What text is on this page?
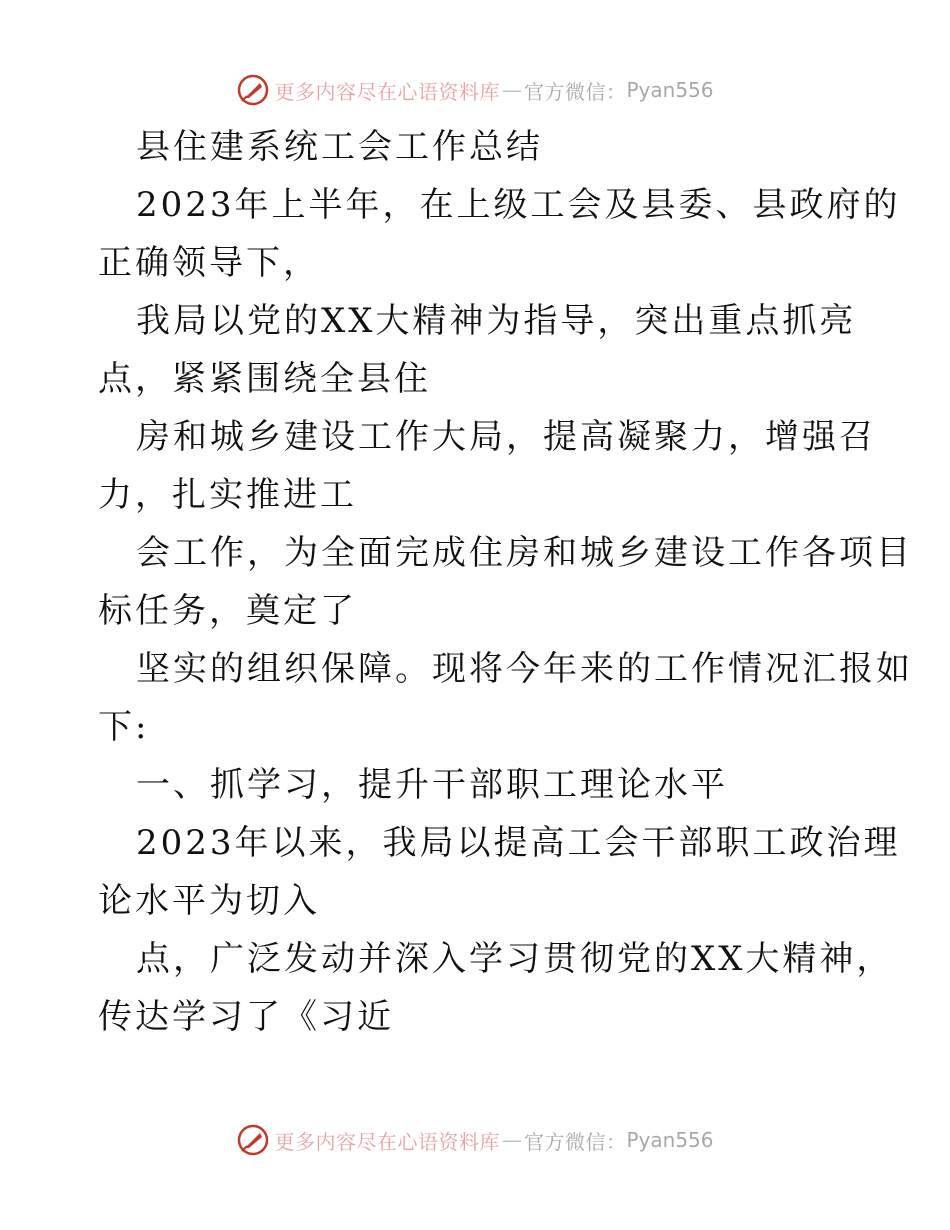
更多内容尽在心语资料库 — 官方微信： Pyan556
县住建系统工会工作总结
2023年上半年，在上级工会及县委、县政府的
正确领导下，
我局以党的XX大精神为指导，突出重点抓亮
点，紧紧围绕全县住
房和城乡建设工作大局，提高凝聚力，增强召
力，扎实推进工
会工作，为全面完成住房和城乡建设工作各项目
标任务，奠定了
坚实的组织保障。现将今年来的工作情况汇报如
下:
一、抓学习，提升干部职工理论水平
2023年以来，我局以提高工会干部职工政治理
论水平为切入
点，广泛发动并深入学习贯彻党的XX大精神，
传达学习了《习近
更多内容尽在心语资料库 — 官方微信： Pyan556
